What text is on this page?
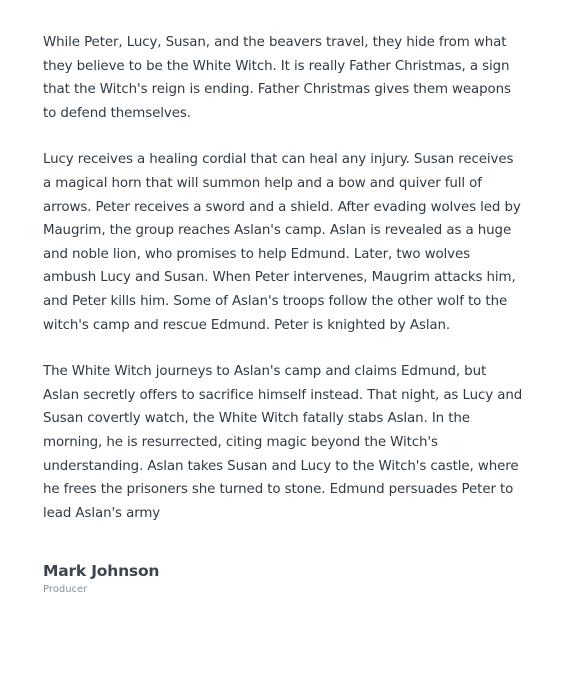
While Peter, Lucy, Susan, and the beavers travel, they hide from what they believe to be the White Witch. It is really Father Christmas, a sign that the Witch's reign is ending. Father Christmas gives them weapons to defend themselves.

Lucy receives a healing cordial that can heal any injury. Susan receives a magical horn that will summon help and a bow and quiver full of arrows. Peter receives a sword and a shield. After evading wolves led by Maugrim, the group reaches Aslan's camp. Aslan is revealed as a huge and noble lion, who promises to help Edmund. Later, two wolves ambush Lucy and Susan. When Peter intervenes, Maugrim attacks him, and Peter kills him. Some of Aslan's troops follow the other wolf to the witch's camp and rescue Edmund. Peter is knighted by Aslan.

The White Witch journeys to Aslan's camp and claims Edmund, but Aslan secretly offers to sacrifice himself instead. That night, as Lucy and Susan covertly watch, the White Witch fatally stabs Aslan. In the morning, he is resurrected, citing magic beyond the Witch's understanding. Aslan takes Susan and Lucy to the Witch's castle, where he frees the prisoners she turned to stone. Edmund persuades Peter to lead Aslan's army

Mark Johnson
Producer
